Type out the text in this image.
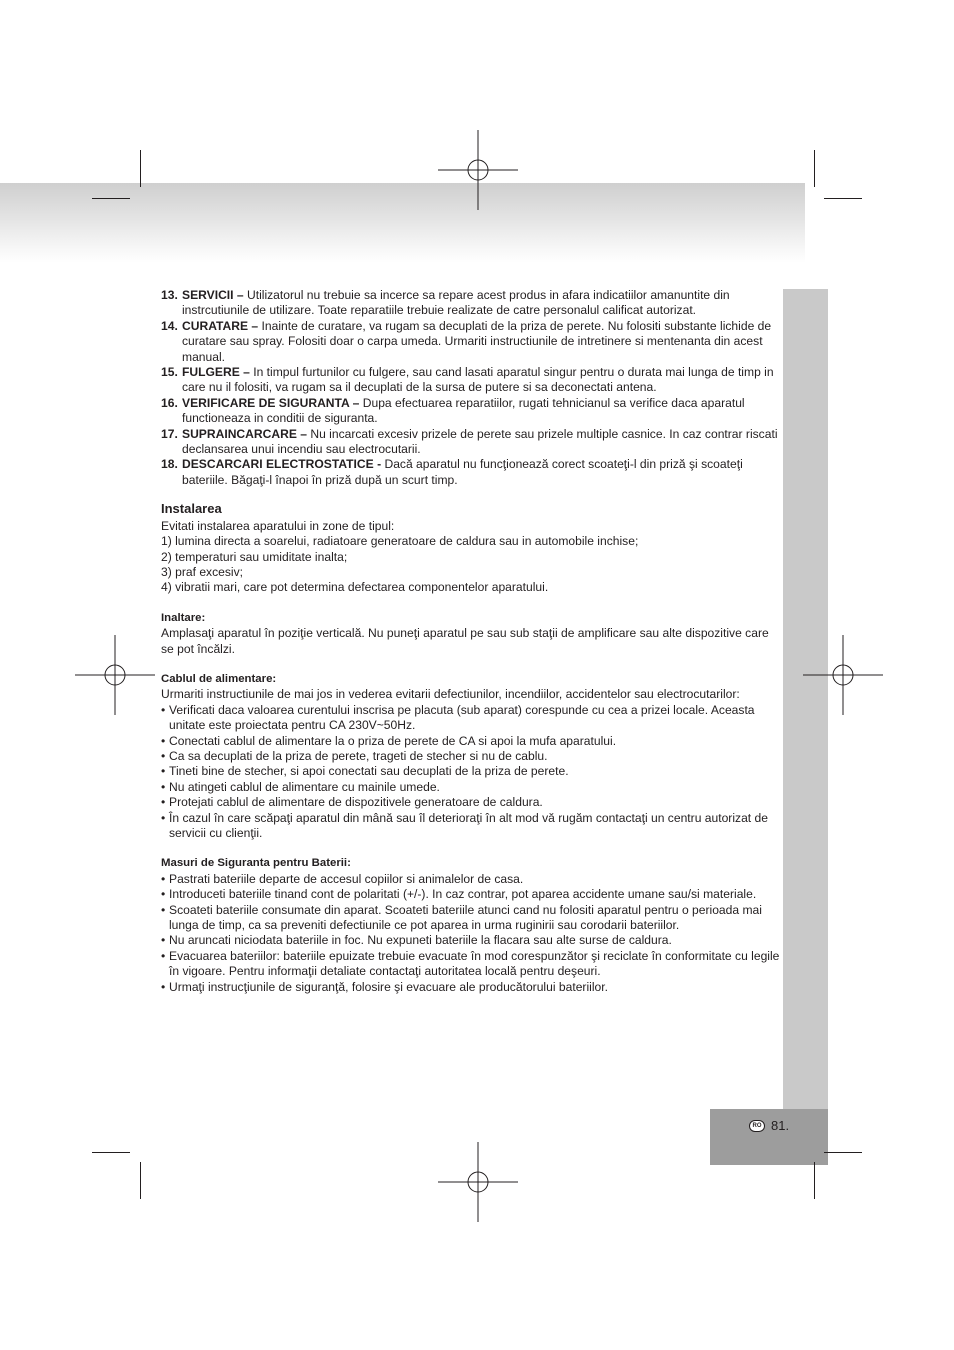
RO 81.
13. SERVICII – Utilizatorul nu trebuie sa incerce sa repare acest produs in afara indicatiilor amanuntite din instrcutiunile de utilizare. Toate reparatiile trebuie realizate de catre personalul calificat autorizat.
14. CURATARE – Inainte de curatare, va rugam sa decuplati de la priza de perete. Nu folositi substante lichide de curatare sau spray. Folositi doar o carpa umeda. Urmariti instructiunile de intretinere si mentenanta din acest manual.
15. FULGERE – In timpul furtunilor cu fulgere, sau cand lasati aparatul singur pentru o durata mai lunga de timp in care nu il folositi, va rugam sa il decuplati de la sursa de putere si sa deconectati antena.
16. VERIFICARE DE SIGURANTA – Dupa efectuarea reparatiilor, rugati tehnicianul sa verifice daca aparatul functioneaza in conditii de siguranta.
17. SUPRAINCARCARE – Nu incarcati excesiv prizele de perete sau prizele multiple casnice. In caz contrar riscati declansarea unui incendiu sau electrocutarii.
18. DESCARCARI ELECTROSTATICE - Dacă aparatul nu funcţionează corect scoateţi-l din priză şi scoateţi bateriile. Băgaţi-l înapoi în priză după un scurt timp.
Instalarea
Evitati instalarea aparatului in zone de tipul:
1) lumina directa a soarelui, radiatoare generatoare de caldura sau in automobile inchise;
2) temperaturi sau umiditate inalta;
3) praf excesiv;
4) vibratii mari, care pot determina defectarea componentelor aparatului.
Inaltare:
Amplasaţi aparatul în poziţie verticală. Nu puneţi aparatul pe sau sub staţii de amplificare sau alte dispozitive care se pot încălzi.
Cablul de alimentare:
Urmariti instructiunile de mai jos in vederea evitarii defectiunilor, incendiilor, accidentelor sau electrocutarilor:
• Verificati daca valoarea curentului inscrisa pe placuta (sub aparat) corespunde cu cea a prizei locale. Aceasta unitate este proiectata pentru CA 230V~50Hz.
• Conectati cablul de alimentare la o priza de perete de CA si apoi la mufa aparatului.
• Ca sa decuplati de la priza de perete, trageti de stecher si nu de cablu.
• Tineti bine de stecher, si apoi conectati sau decuplati de la priza de perete.
• Nu atingeti cablul de alimentare cu mainile umede.
• Protejati cablul de alimentare de dispozitivele generatoare de caldura.
• În cazul în care scăpaţi aparatul din mână sau îl deterioraţi în alt mod vă rugăm contactaţi un centru autorizat de servicii cu clienţii.
Masuri de Siguranta pentru Baterii:
• Pastrati bateriile departe de accesul copiilor si animalelor de casa.
• Introduceti bateriile tinand cont de polaritati (+/-). In caz contrar, pot aparea accidente umane sau/si materiale.
• Scoateti bateriile consumate din aparat. Scoateti bateriile atunci cand nu folositi aparatul pentru o perioada mai lunga de timp, ca sa preveniti defectiunile ce pot aparea in urma ruginirii sau corodarii bateriilor.
• Nu aruncati niciodata bateriile in foc. Nu expuneti bateriile la flacara sau alte surse de caldura.
• Evacuarea bateriilor: bateriile epuizate trebuie evacuate în mod corespunzător şi reciclate în conformitate cu legile în vigoare. Pentru informaţii detaliate contactaţi autoritatea locală pentru deşeuri.
• Urmaţi instrucţiunile de siguranţă, folosire şi evacuare ale producătorului bateriilor.
